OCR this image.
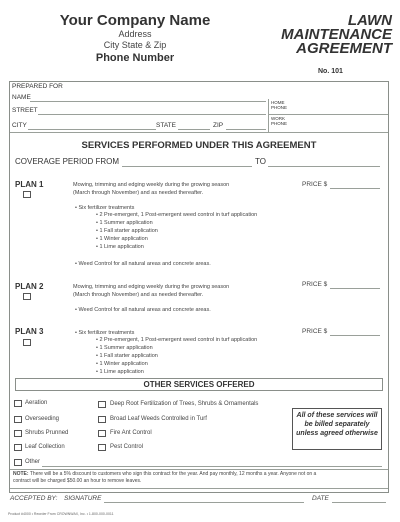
Your Company Name
Address
City State & Zip
Phone Number
LAWN
MAINTENANCE
AGREEMENT
No. 101
PREPARED FOR
NAME
STREET
CITY	STATE	ZIP
HOME PHONE
WORK PHONE
SERVICES PERFORMED UNDER THIS AGREEMENT
COVERAGE PERIOD FROM	TO
PLAN 1	Mowing, trimming and edging weekly during the growing season
(March through November) and as needed thereafter.
PRICE $
• Six fertilizer treatments
• 2 Pre-emergent, 1 Post-emergent weed control in turf application
• 1 Summer application
• 1 Fall starter application
• 1 Winter application
• 1 Lime application
• Weed Control for all natural areas and concrete areas.
PLAN 2	Mowing, trimming and edging weekly during the growing season
(March through November) and as needed thereafter.
PRICE $
• Weed Control for all natural areas and concrete areas.
PLAN 3	• Six fertilizer treatments
• 2 Pre-emergent, 1 Post-emergent weed control in turf application
• 1 Summer application
• 1 Fall starter application
• 1 Winter application
• 1 Lime application
PRICE $
OTHER SERVICES OFFERED
Aeration
Overseeding
Shrubs Prunned
Leaf Collection
Other
Deep Root Fertilization of Trees, Shrubs & Ornamentals
Broad Leaf Weeds Controlled in Turf
Fire Ant Control
Pest Control
All of these services will be billed separately unless agreed otherwise
NOTE: There will be a 5% discount to customers who sign this contract for the year. And pay monthly, 12 months a year. Anyone not on a
contract will be charged $50.00 an hour to remove leaves.
ACCEPTED BY: SIGNATURE	DATE
Product #4000 • Reorder From CROWNWAX, Inc. • 1-800-000-0011
